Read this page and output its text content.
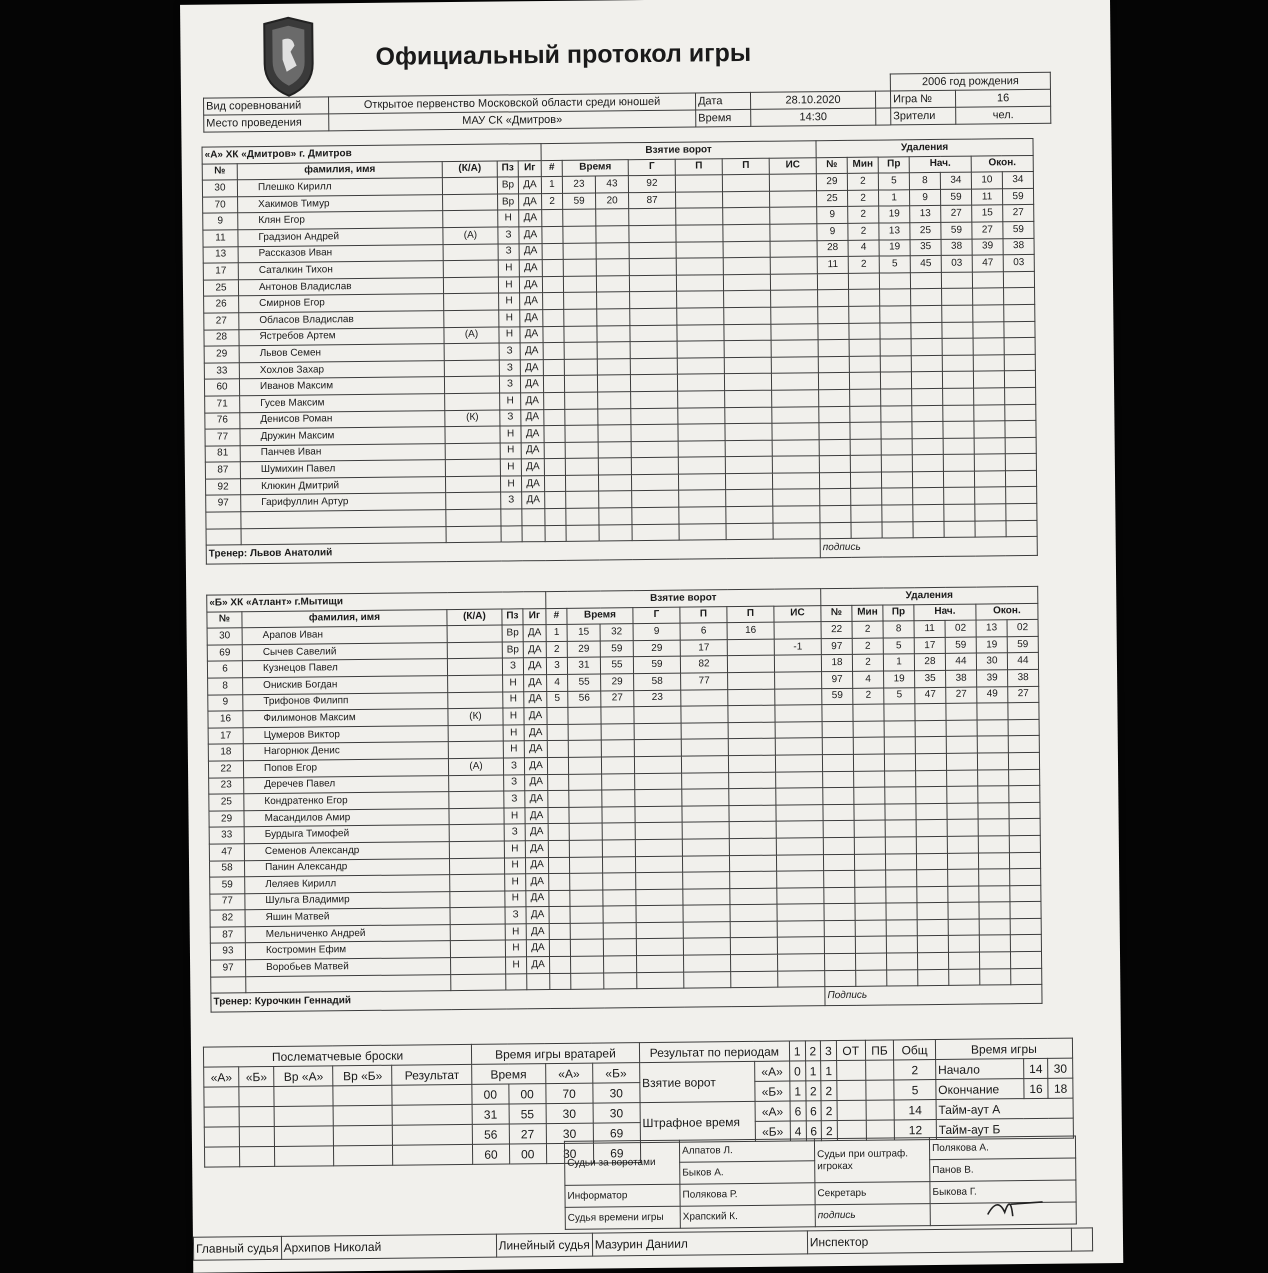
Официальный протокол игры
					2006 год рождения	
Вид соревнований	Открытое первенство Московской области среди юношей	Дата	28.10.2020		Игра №	16
Место проведения	МАУ СК «Дмитров»	Время	14:30		Зрители	чел.
«А» ХК «Дмитров» г. Дмитров					Взятие ворот							Удаления						
№	фамилия, имя	(К/А)	Пз	Иг	#	Время		Г	П	П	ИС	№	Мин	Пр	Нач.		Окон.	
30	Плешко Кирилл		Вр	ДА	1	23	43	92				29	2	5	8	34	10	34
70	Хакимов Тимур		Вр	ДА	2	59	20	87				25	2	1	9	59	11	59
9	Клян Егор		Н	ДА								9	2	19	13	27	15	27
11	Градзион Андрей	(А)	З	ДА								9	2	13	25	59	27	59
13	Рассказов Иван		З	ДА								28	4	19	35	38	39	38
17	Саталкин Тихон		Н	ДА								11	2	5	45	03	47	03
25	Антонов Владислав		Н	ДА														
26	Смирнов Егор		Н	ДА														
27	Обласов Владислав		Н	ДА														
28	Ястребов Артем	(А)	Н	ДА														
29	Львов Семен		З	ДА														
33	Хохлов Захар		З	ДА														
60	Иванов Максим		З	ДА														
71	Гусев Максим		Н	ДА														
76	Денисов Роман	(К)	З	ДА														
77	Дружин Максим		Н	ДА														
81	Панчев Иван		Н	ДА														
87	Шумихин Павел		Н	ДА														
92	Клюкин Дмитрий		Н	ДА														
97	Гарифуллин Артур		З	ДА														

Тренер: Львов Анатолий												подпись						
«Б» ХК «Атлант» г.Мытищи					Взятие ворот							Удаления						
№	фамилия, имя	(К/А)	Пз	Иг	#	Время		Г	П	П	ИС	№	Мин	Пр	Нач.		Окон.	
30	Арапов Иван		Вр	ДА	1	15	32	9	6	16		22	2	8	11	02	13	02
69	Сычев Савелий		Вр	ДА	2	29	59	29	17		-1	97	2	5	17	59	19	59
6	Кузнецов Павел		З	ДА	3	31	55	59	82			18	2	1	28	44	30	44
8	Онискив Богдан		Н	ДА	4	55	29	58	77			97	4	19	35	38	39	38
9	Трифонов Филипп		Н	ДА	5	56	27	23				59	2	5	47	27	49	27
16	Филимонов Максим	(К)	Н	ДА														
17	Цумеров Виктор		Н	ДА														
18	Нагорнюк Денис		Н	ДА														
22	Попов Егор	(А)	З	ДА														
23	Деречев Павел		З	ДА														
25	Кондратенко Егор		З	ДА														
29	Масандилов Амир		Н	ДА														
33	Бурдыга Тимофей		З	ДА														
47	Семенов Александр		Н	ДА														
58	Панин Александр		Н	ДА														
59	Леляев Кирилл		Н	ДА														
77	Шульга Владимир		Н	ДА														
82	Яшин Матвей		З	ДА														
87	Мельниченко Андрей		Н	ДА														
93	Костромин Ефим		Н	ДА														
97	Воробьев Матвей		Н	ДА														

Тренер: Курочкин Геннадий												Подпись						
Послематчевые броски					Время игры вратарей				Результат по периодам		1	2	3	ОТ	ПБ	Общ	Время игры		
«А»	«Б»	Вр «А»	Вр «Б»	Результат	Время		«А»	«Б»	Взятие ворот	«А»	0	1	1			2	Начало	14	30
					00	00	70	30		«Б»	1	2	2			5	Окончание	16	18
					31	55	30	30	Штрафное время	«А»	6	6	2			14	Тайм-аут А		
					56	27	30	69		«Б»	4	6	2			12	Тайм-аут Б		
					60	00	30	69											
Судьи за воротами	Алпатов Л.	Судьи при оштраф. игроках	Полякова А.
	Быков А.		Панов В.
Информатор	Полякова Р.	Секретарь	Быкова Г.
Судья времени игры	Храпский К.	подпись	
Главный судья	Архипов Николай	Линейный судья	Мазурин Даниил	Инспектор	
